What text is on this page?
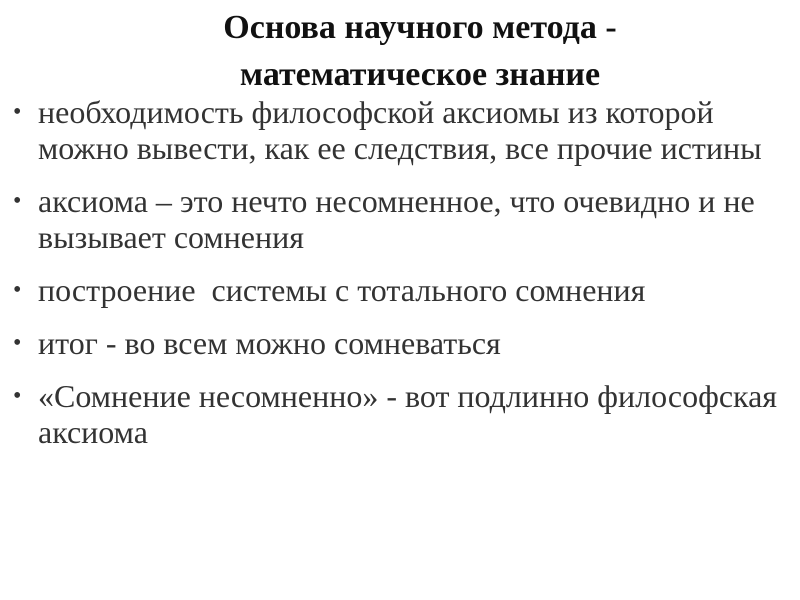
Основа научного метода -
математическое знание
• необходимость философской аксиомы из которой можно вывести, как ее следствия, все прочие истины
• аксиома – это нечто несомненное, что очевидно и не вызывает сомнения
• построение  системы с тотального сомнения
• итог - во всем можно сомневаться
• «Сомнение несомненно» - вот подлинно философская аксиома
